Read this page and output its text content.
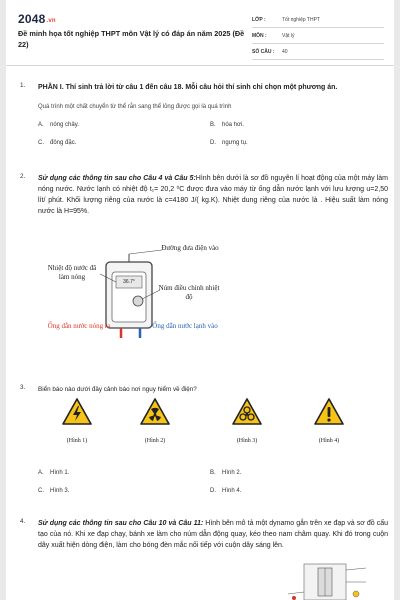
2048.vn
Đề minh họa tốt nghiệp THPT môn Vật lý có đáp án năm 2025 (Đề 22)
LỚP :	Tốt nghiệp THPT
MÔN :	Vật lý
SỐ CÂU :	40
1. PHẦN I. Thí sinh trả lời từ câu 1 đến câu 18. Mỗi câu hỏi thí sinh chỉ chọn một phương án.
Quá trình một chất chuyển từ thể rắn sang thể lỏng được gọi là quá trình
A. nóng chảy.	B. hóa hơi.
C. đông đặc.	D. ngưng tụ.
2. Sử dụng các thông tin sau cho Câu 4 và Câu 5:Hình bên dưới là sơ đồ nguyên lí hoạt động của một máy làm nóng nước. Nước lạnh có nhiệt độ t₁= 20,2 ⁰C được đưa vào máy từ ống dẫn nước lạnh với lưu lượng u=2,50 lít/ phút. Khối lượng riêng của nước là c=4180 J/( kg.K). Nhiệt dung riêng của nước là . Hiệu suất làm nóng nước là H=95%.
Đường đưa điện vào
Nhiệt độ nước đã làm nóng
36.7°
Núm điều chỉnh nhiệt độ
Ống dẫn nước nóng ra	Ống dẫn nước lạnh vào
3. Biển báo nào dưới đây cảnh báo nơi nguy hiểm về điện?
(Hình 1)	(Hình 2)	(Hình 3)	(Hình 4)
A. Hình 1.	B. Hình 2.
C. Hình 3.	D. Hình 4.
4. Sử dụng các thông tin sau cho Câu 10 và Câu 11: Hình bên mô tả một dynamo gắn trên xe đạp và sơ đồ cấu tạo của nó. Khi xe đạp chạy, bánh xe làm cho núm dẫn động quay, kéo theo nam châm quay. Khi đó trong cuộn dây xuất hiện dòng điện, làm cho bóng đèn mắc nối tiếp với cuộn dây sáng lên.
